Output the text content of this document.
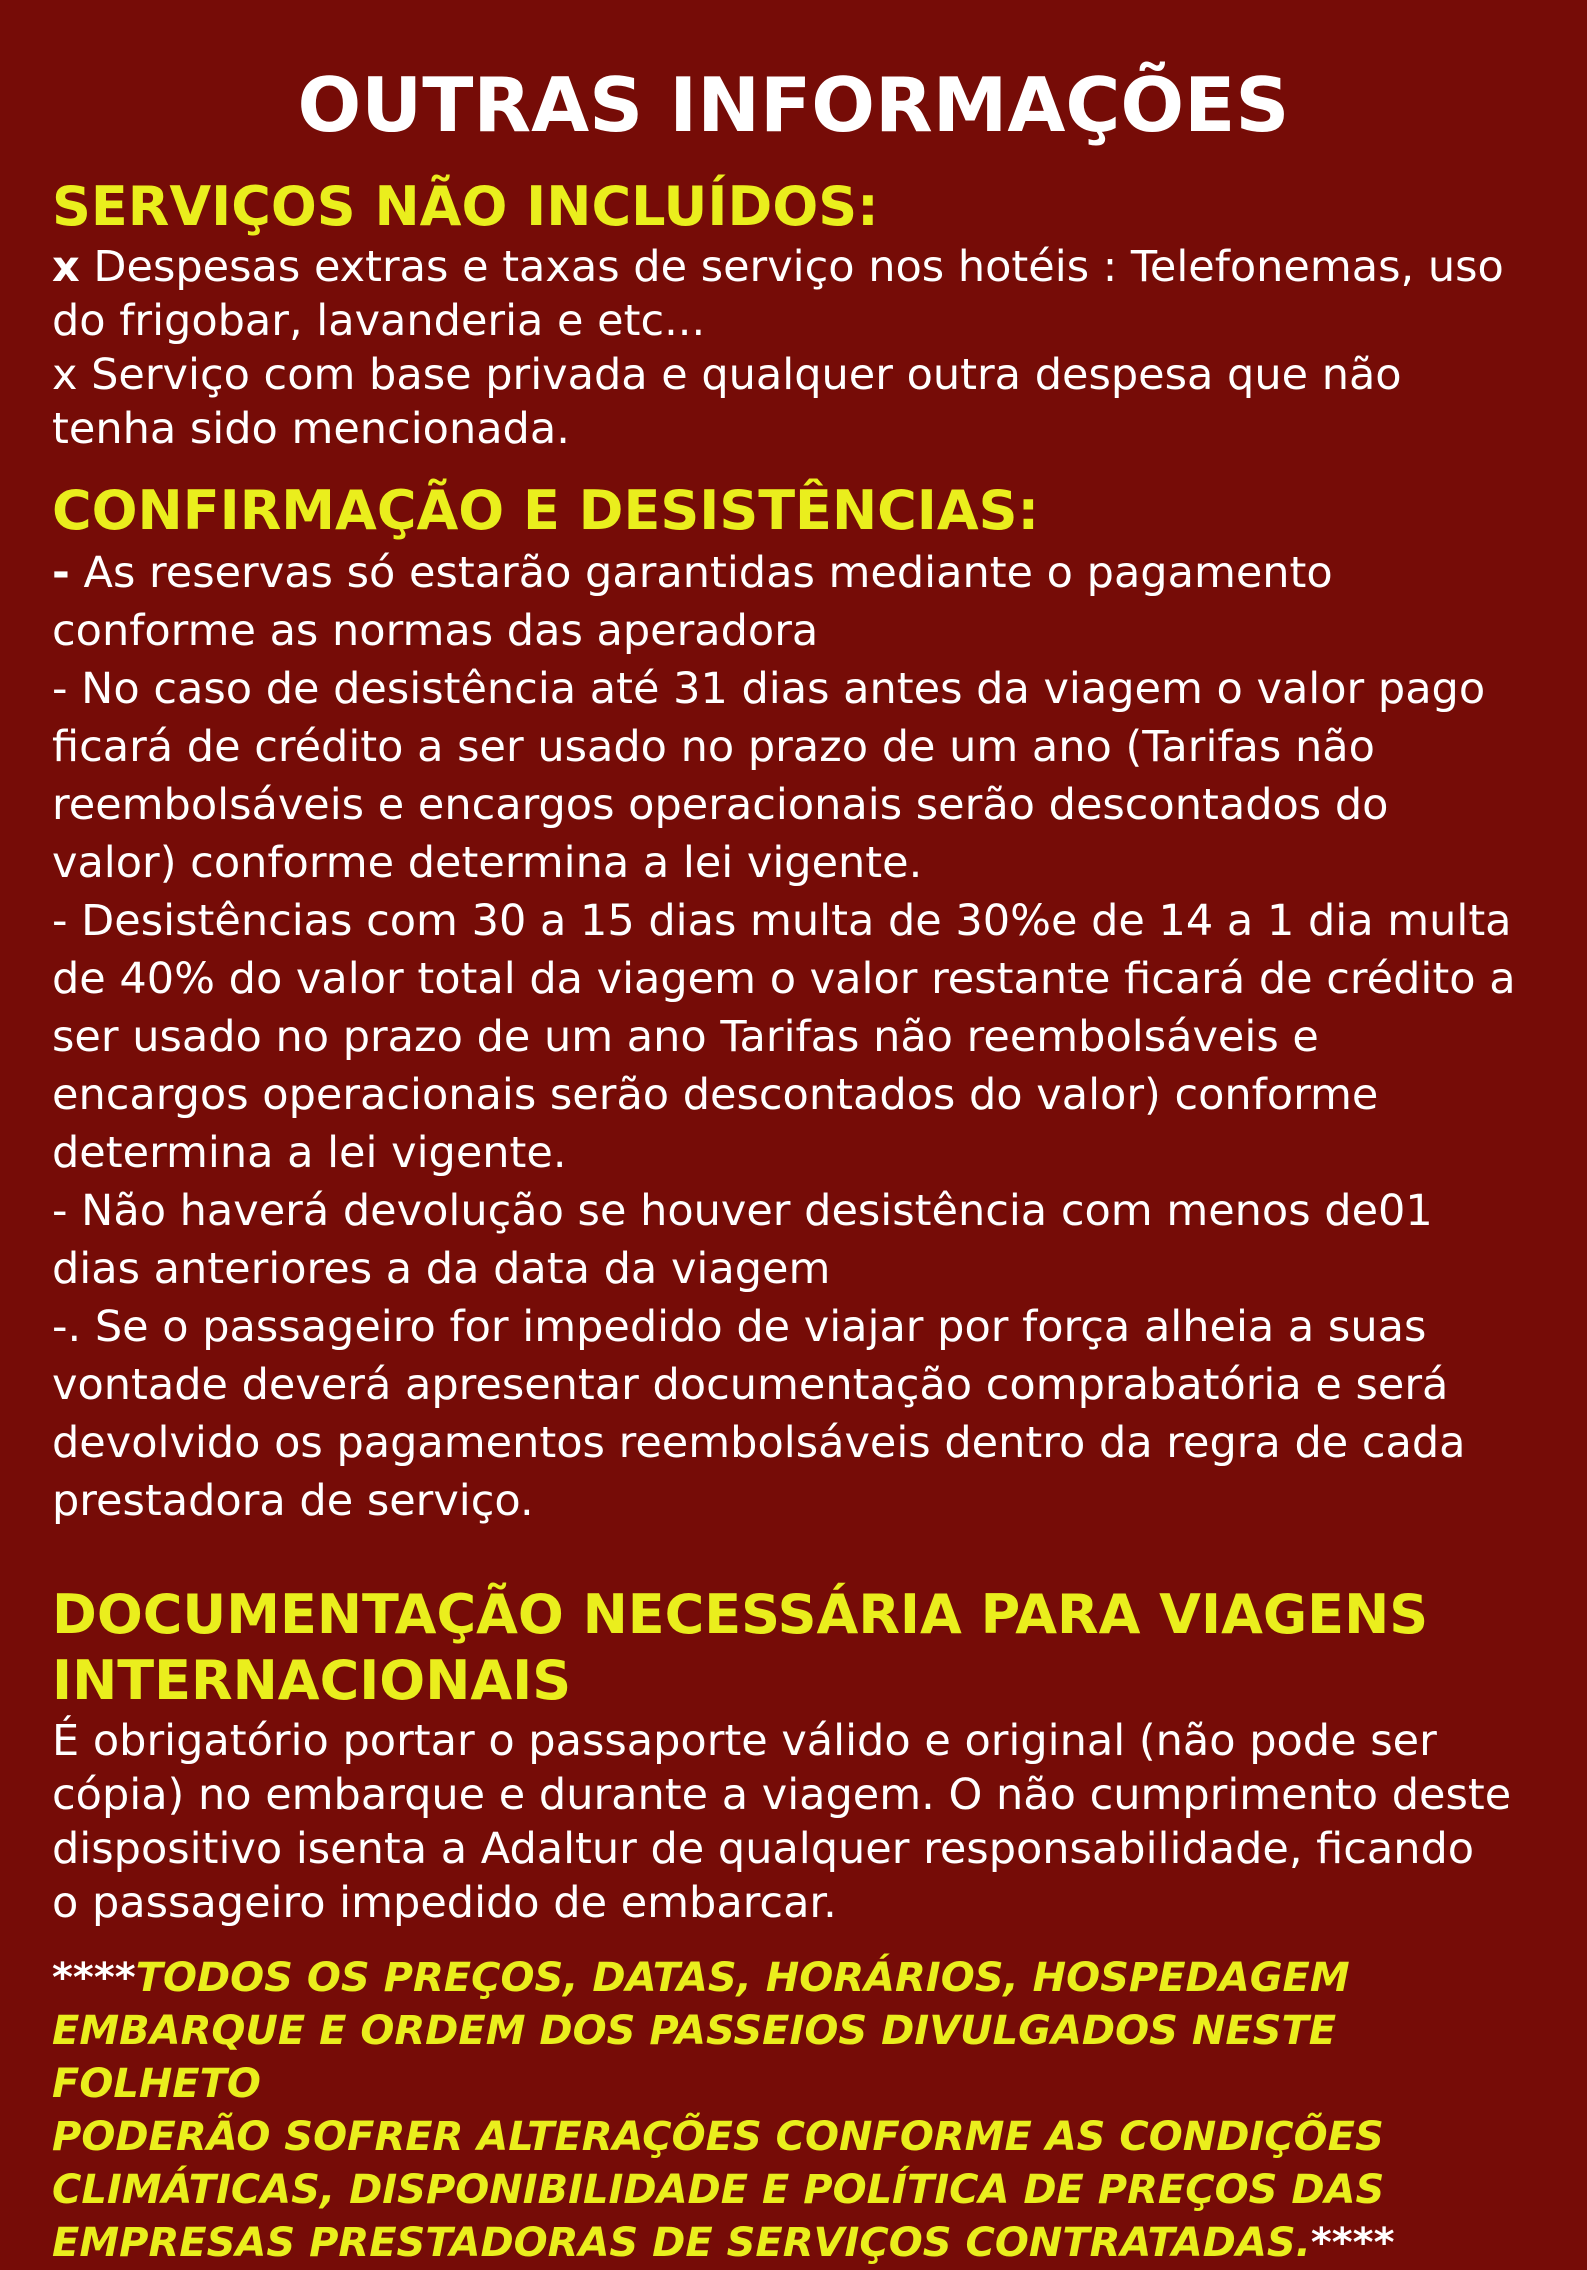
OUTRAS INFORMAÇÕES
SERVIÇOS NÃO INCLUÍDOS:

x Despesas extras e taxas de serviço nos hotéis : Telefonemas, uso
do frigobar, lavanderia e etc...
x Serviço com base privada e qualquer outra despesa que não
tenha sido mencionada.

CONFIRMAÇÃO E DESISTÊNCIAS:

- As reservas só estarão garantidas mediante o pagamento
conforme as normas das aperadora
- No caso de desistência até 31 dias antes da viagem o valor pago
ficará de crédito a ser usado no prazo de um ano (Tarifas não
reembolsáveis e encargos operacionais serão descontados do
valor) conforme determina a lei vigente.
- Desistências com 30 a 15 dias multa de 30%e de 14 a 1 dia multa
de 40% do valor total da viagem o valor restante ficará de crédito a
ser usado no prazo de um ano Tarifas não reembolsáveis e
encargos operacionais serão descontados do valor) conforme
determina a lei vigente.
- Não haverá devolução se houver desistência com menos de01
dias anteriores a da data da viagem
-. Se o passageiro for impedido de viajar por força alheia a suas
vontade deverá apresentar documentação comprabatória e será
devolvido os pagamentos reembolsáveis dentro da regra de cada
prestadora de serviço.

DOCUMENTAÇÃO NECESSÁRIA PARA VIAGENS
INTERNACIONAIS

É obrigatório portar o passaporte válido e original (não pode ser
cópia) no embarque e durante a viagem. O não cumprimento deste
dispositivo isenta a Adaltur de qualquer responsabilidade, ficando
o passageiro impedido de embarcar.

****TODOS OS PREÇOS, DATAS, HORÁRIOS, HOSPEDAGEM
EMBARQUE E ORDEM DOS PASSEIOS DIVULGADOS NESTE FOLHETO
PODERÃO SOFRER ALTERAÇÕES CONFORME AS CONDIÇÕES
CLIMÁTICAS, DISPONIBILIDADE E POLÍTICA DE PREÇOS DAS
EMPRESAS PRESTADORAS DE SERVIÇOS CONTRATADAS.****
